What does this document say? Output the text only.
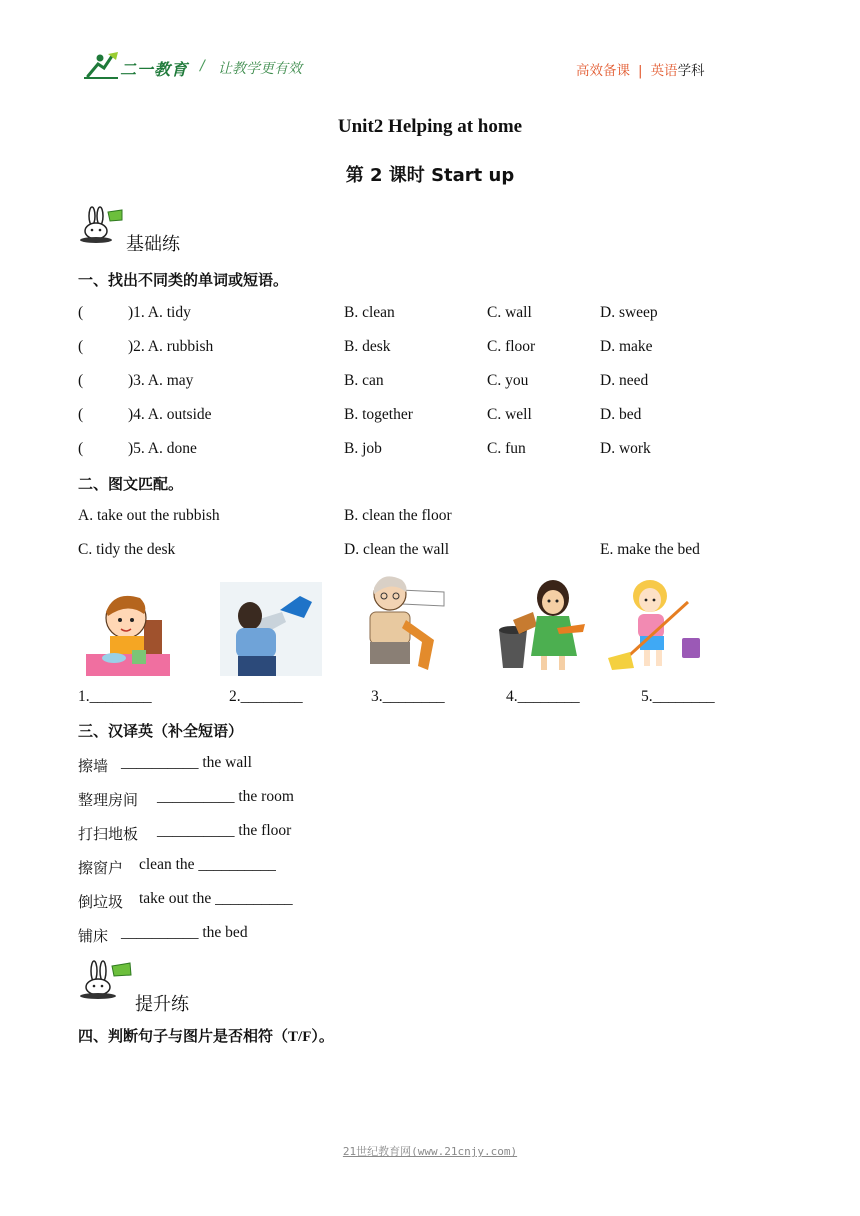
二一教育 / 让教学更有效	高效备课 | 英语学科
Unit2 Helping at home
第 2 课时 Start up
基础练
一、找出不同类的单词或短语。
(	)1. A. tidy	B. clean	C. wall	D. sweep
(	)2. A. rubbish	B. desk	C. floor	D. make
(	)3. A. may	B. can	C. you	D. need
(	)4. A. outside	B. together	C. well	D. bed
(	)5. A. done	B. job	C. fun	D. work
二、图文匹配。
A. take out the rubbish	B. clean the floor
C. tidy the desk	D. clean the wall	E. make the bed
1.________	2.________	3.________	4.________	5.________
三、汉译英（补全短语）
擦墙 __________ the wall
整理房间 __________ the room
打扫地板 __________ the floor
擦窗户 clean the __________
倒垃圾 take out the __________
铺床 __________ the bed
提升练
四、判断句子与图片是否相符（T/F）。
21世纪教育网(www.21cnjy.com)
